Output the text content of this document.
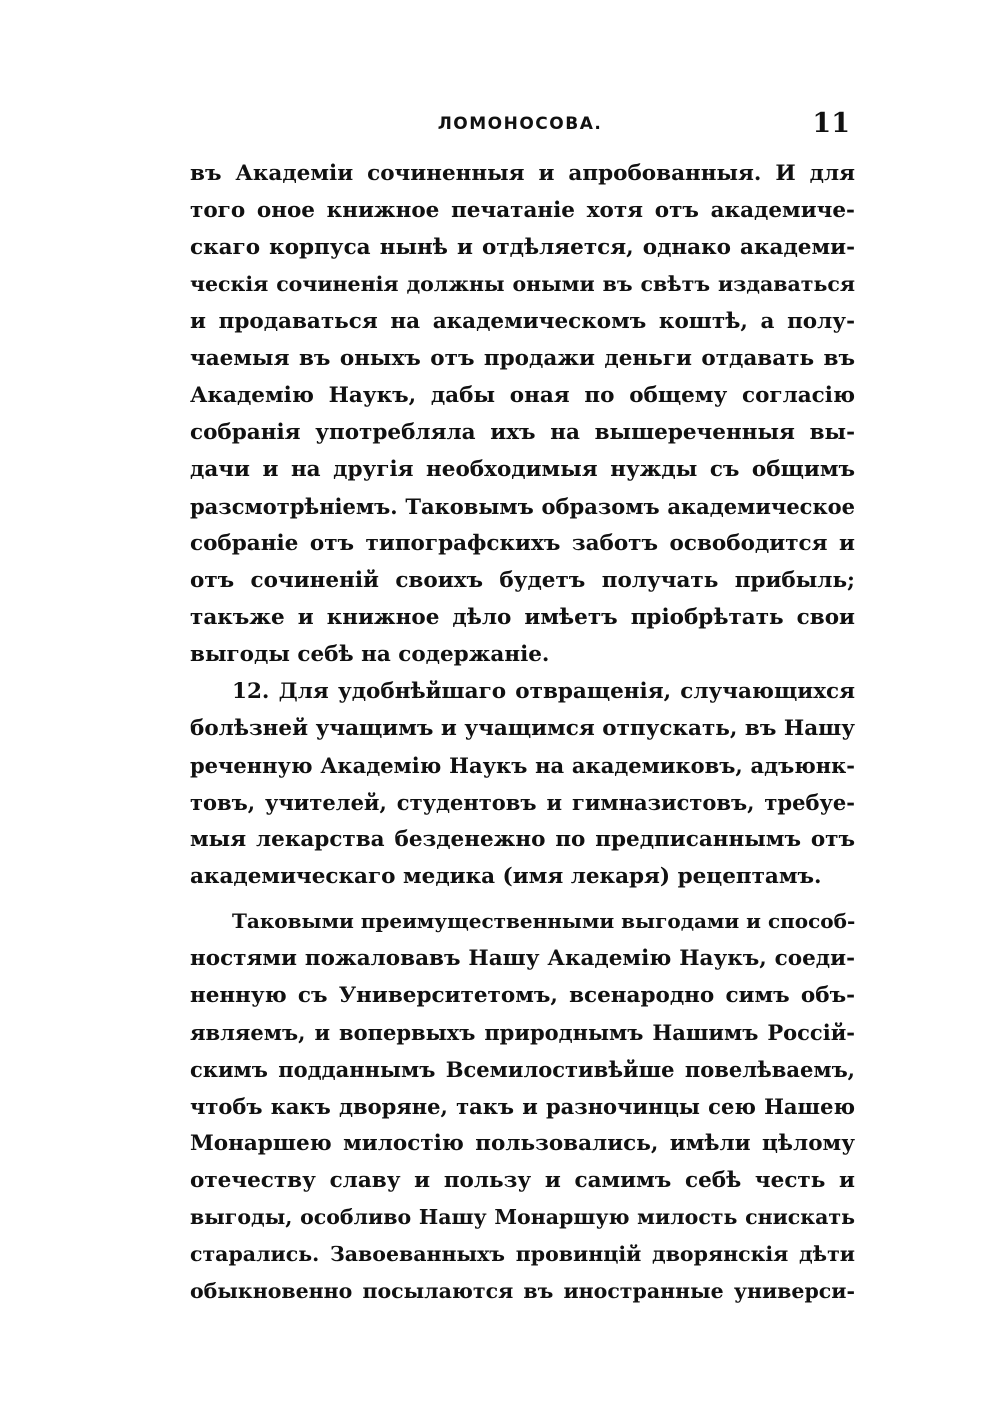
ЛОМОНОСОВА.	11
въ Академіи сочиненныя и апробованныя. И для
того оное книжное печатаніе хотя отъ академиче-
скаго корпуса нынѣ и отдѣляется, однако академи-
ческія сочиненія должны оными въ свѣтъ издаваться
и продаваться на академическомъ коштѣ, а полу-
чаемыя въ оныхъ отъ продажи деньги отдавать въ
Академію Наукъ, дабы оная по общему согласію
собранія употребляла ихъ на вышереченныя вы-
дачи и на другія необходимыя нужды съ общимъ
разсмотрѣніемъ. Таковымъ образомъ академическое
собраніе отъ типографскихъ заботъ освободится и
отъ сочиненій своихъ будетъ получать прибыль;
такъже и книжное дѣло имѣетъ пріобрѣтать свои
выгоды себѣ на содержаніе.
12. Для удобнѣйшаго отвращенія, случающихся
болѣзней учащимъ и учащимся отпускать, въ Нашу
реченную Академію Наукъ на академиковъ, адъюнк-
товъ, учителей, студентовъ и гимназистовъ, требуе-
мыя лекарства безденежно по предписаннымъ отъ
академическаго медика (имя лекаря) рецептамъ.
Таковыми преимущественными выгодами и способ-
ностями пожаловавъ Нашу Академію Наукъ, соеди-
ненную съ Университетомъ, всенародно симъ объ-
являемъ, и вопервыхъ природнымъ Нашимъ Россій-
скимъ подданнымъ Всемилостивѣйше повелѣваемъ,
чтобъ какъ дворяне, такъ и разночинцы сею Нашею
Монаршею милостію пользовались, имѣли цѣлому
отечеству славу и пользу и самимъ себѣ честь и
выгоды, особливо Нашу Монаршую милость снискать
старались. Завоеванныхъ провинцій дворянскія дѣти
обыкновенно посылаются въ иностранные универси-
